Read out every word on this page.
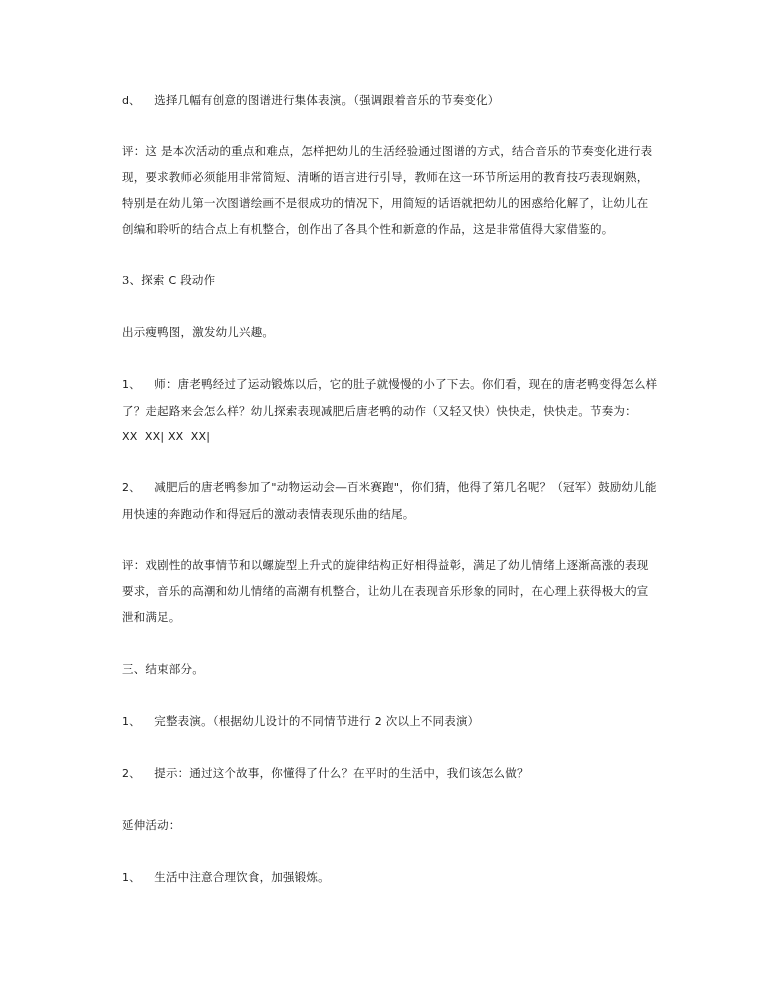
d、 选择几幅有创意的图谱进行集体表演。（强调跟着音乐的节奏变化）
评：这 是本次活动的重点和难点，怎样把幼儿的生活经验通过图谱的方式，结合音乐的节奏变化进行表
现，要求教师必须能用非常简短、清晰的语言进行引导，教师在这一环节所运用的教育技巧表现娴熟，
特别是在幼儿第一次图谱绘画不是很成功的情况下，用简短的话语就把幼儿的困惑给化解了，让幼儿在
创编和聆听的结合点上有机整合，创作出了各具个性和新意的作品，这是非常值得大家借鉴的。
3、探索 C 段动作
出示瘦鸭图，激发幼儿兴趣。
1、 师：唐老鸭经过了运动锻炼以后，它的肚子就慢慢的小了下去。你们看，现在的唐老鸭变得怎么样
了？走起路来会怎么样？幼儿探索表现减肥后唐老鸭的动作（又轻又快）快快走，快快走。节奏为：
XX  XX| XX  XX|
2、 减肥后的唐老鸭参加了"动物运动会—百米赛跑"，你们猜，他得了第几名呢？（冠军）鼓励幼儿能
用快速的奔跑动作和得冠后的激动表情表现乐曲的结尾。
评：戏剧性的故事情节和以螺旋型上升式的旋律结构正好相得益彰，满足了幼儿情绪上逐渐高涨的表现
要求，音乐的高潮和幼儿情绪的高潮有机整合，让幼儿在表现音乐形象的同时，在心理上获得极大的宣
泄和满足。
三、结束部分。
1、 完整表演。（根据幼儿设计的不同情节进行 2 次以上不同表演）
2、 提示：通过这个故事，你懂得了什么？在平时的生活中，我们该怎么做？
延伸活动：
1、 生活中注意合理饮食，加强锻炼。
